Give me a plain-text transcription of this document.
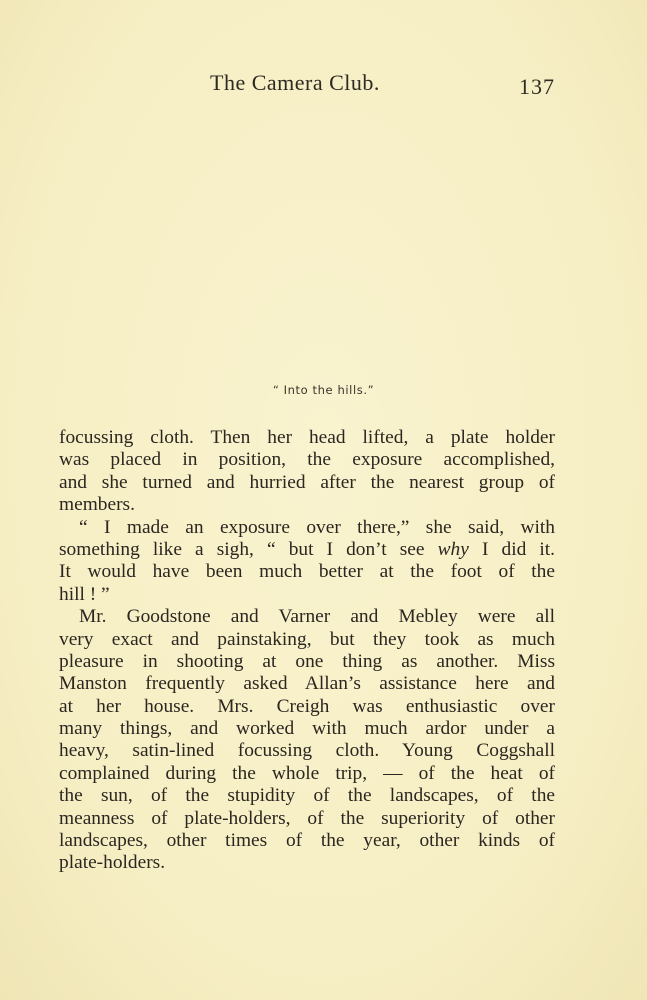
The Camera Club.	137
“ Into the hills.”
focussing cloth. Then her head lifted, a plate holder
was placed in position, the exposure accomplished,
and she turned and hurried after the nearest group of
members.
“ I made an exposure over there,” she said, with
something like a sigh, “ but I don’t see why I did it.
It would have been much better at the foot of the
hill ! ”
Mr. Goodstone and Varner and Mebley were all
very exact and painstaking, but they took as much
pleasure in shooting at one thing as another. Miss
Manston frequently asked Allan’s assistance here and
at her house. Mrs. Creigh was enthusiastic over
many things, and worked with much ardor under a
heavy, satin-lined focussing cloth. Young Coggshall
complained during the whole trip, — of the heat of
the sun, of the stupidity of the landscapes, of the
meanness of plate-holders, of the superiority of other
landscapes, other times of the year, other kinds of
plate-holders.
